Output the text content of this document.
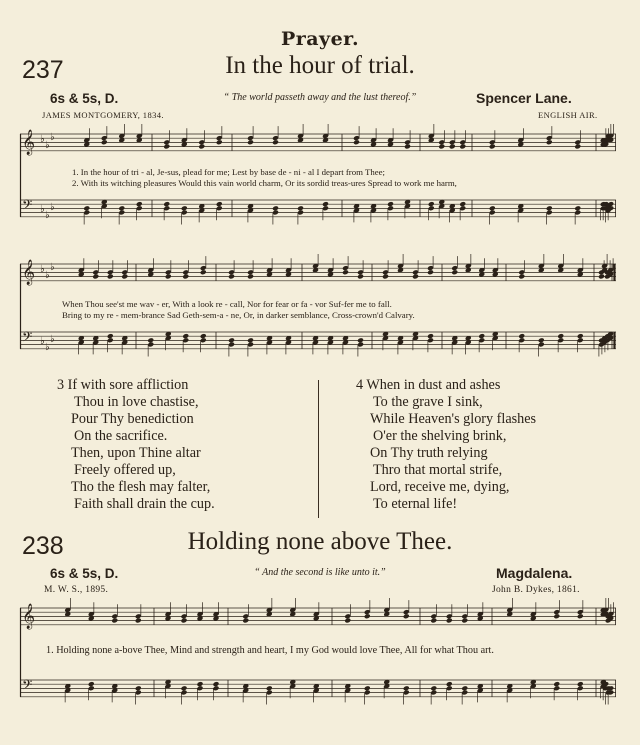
Prayer.
237	In the hour of trial.
6s & 5s, D.	“ The world passeth away and the lust thereof.”	Spencer Lane.
JAMES MONTGOMERY, 1834.	ENGLISH AIR.
𝄞 ♭
♭
♭
𝄢 ♭
♭
♭
1. In the hour of tri - al, Je-sus, plead for me; Lest by base de - ni - al I depart from Thee;
2. With its witching pleasures Would this vain world charm, Or its sordid treas-ures Spread to work me harm,
𝄞 ♭
♭
♭
𝄢 ♭
♭
♭
When Thou see'st me wav - er, With a look re - call, Nor for fear or fa - vor Suf-fer me to fall.
Bring to my re - mem-brance Sad Geth-sem-a - ne, Or, in darker semblance, Cross-crown'd Calvary.
3 If with sore affliction
Thou in love chastise,
Pour Thy benediction
On the sacrifice.
Then, upon Thine altar
Freely offered up,
Tho the flesh may falter,
Faith shall drain the cup.
4 When in dust and ashes
To the grave I sink,
While Heaven's glory flashes
O'er the shelving brink,
On Thy truth relying
Thro that mortal strife,
Lord, receive me, dying,
To eternal life!
238	Holding none above Thee.
6s & 5s, D.	“ And the second is like unto it.”	Magdalena.
M. W. S., 1895.	John B. Dykes, 1861.
𝄞
𝄢
1. Holding none a-bove Thee, Mind and strength and heart, I my God would love Thee, All for what Thou art.
